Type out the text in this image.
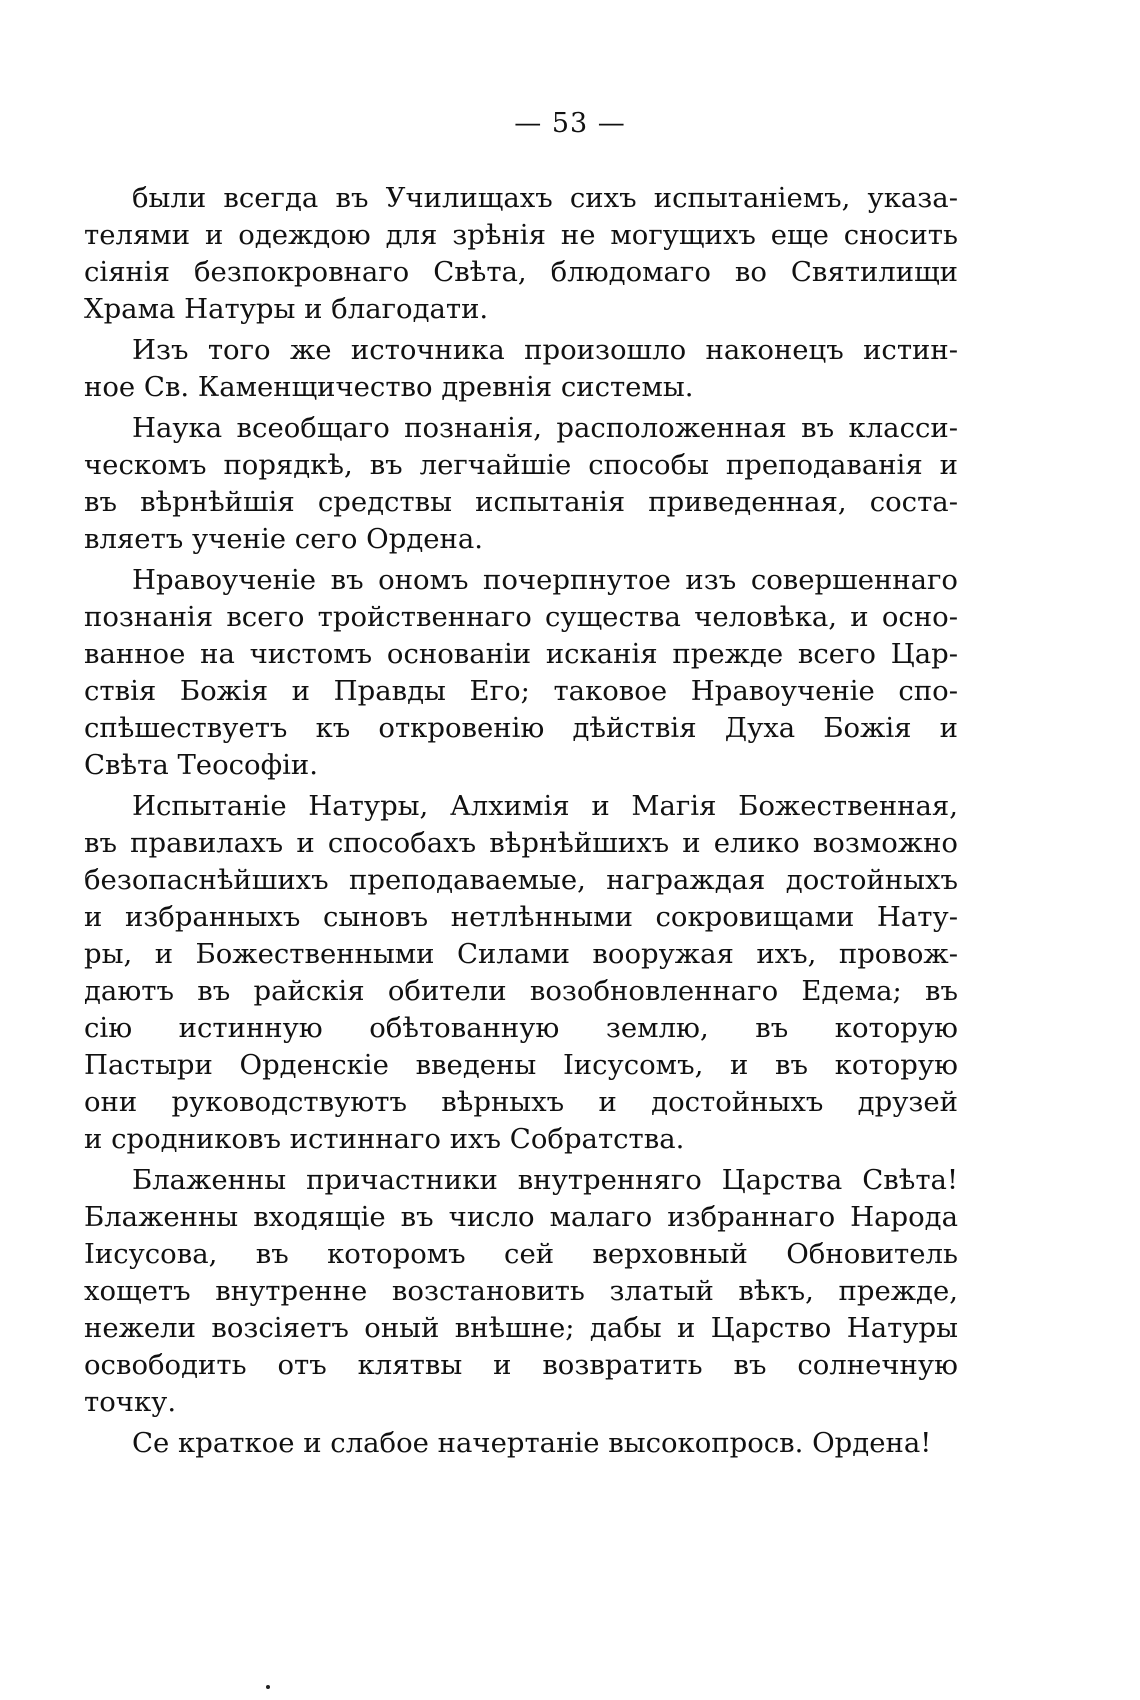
— 53 —
были всегда въ Училищахъ сихъ испытаніемъ, указа-
телями и одеждою для зрѣнія не могущихъ еще сносить
сіянія безпокровнаго Свѣта, блюдомаго во Святилищи
Храма Натуры и благодати.
Изъ того же источника произошло наконецъ истин-
ное Св. Каменщичество древнія системы.
Наука всеобщаго познанія, расположенная въ класси-
ческомъ порядкѣ, въ легчайшіе способы преподаванія и
въ вѣрнѣйшія средствы испытанія приведенная, соста-
вляетъ ученіе сего Ордена.
Нравоученіе въ ономъ почерпнутое изъ совершеннаго
познанія всего тройственнаго существа человѣка, и осно-
ванное на чистомъ основаніи исканія прежде всего Цар-
ствія Божія и Правды Его; таковое Нравоученіе спо-
спѣшествуетъ къ откровенію дѣйствія Духа Божія и
Свѣта Теософіи.
Испытаніе Натуры, Алхимія и Магія Божественная,
въ правилахъ и способахъ вѣрнѣйшихъ и елико возможно
безопаснѣйшихъ преподаваемые, награждая достойныхъ
и избранныхъ сыновъ нетлѣнными сокровищами Нату-
ры, и Божественными Силами вооружая ихъ, провож-
даютъ въ райскія обители возобновленнаго Едема; въ
сію истинную обѣтованную землю, въ которую
Пастыри Орденскіе введены Іисусомъ, и въ которую
они руководствуютъ вѣрныхъ и достойныхъ друзей
и сродниковъ истиннаго ихъ Собратства.
Блаженны причастники внутренняго Царства Свѣта!
Блаженны входящіе въ число малаго избраннаго Народа
Іисусова, въ которомъ сей верховный Обновитель
хощетъ внутренне возстановить златый вѣкъ, прежде,
нежели возсіяетъ оный внѣшне; дабы и Царство Натуры
освободить отъ клятвы и возвратить въ солнечную
точку.
Се краткое и слабое начертаніе высокопросв. Ордена!
